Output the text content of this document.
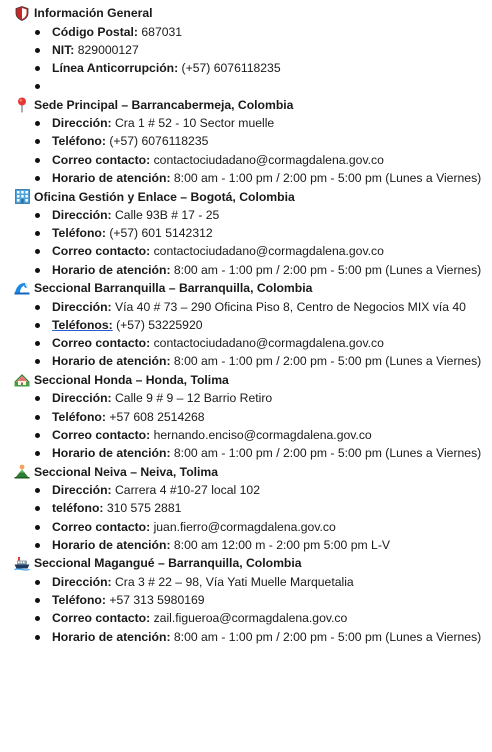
Información General
Código Postal: 687031
NIT: 829000127
Línea Anticorrupción: (+57) 6076118235
Sede Principal – Barrancabermeja, Colombia
Dirección: Cra 1 # 52 - 10 Sector muelle
Teléfono: (+57) 6076118235
Correo contacto: contactociudadano@cormagdalena.gov.co
Horario de atención: 8:00 am - 1:00 pm / 2:00 pm - 5:00 pm (Lunes a Viernes)
Oficina Gestión y Enlace – Bogotá, Colombia
Dirección: Calle 93B # 17 - 25
Teléfono: (+57) 601 5142312
Correo contacto: contactociudadano@cormagdalena.gov.co
Horario de atención: 8:00 am - 1:00 pm / 2:00 pm - 5:00 pm (Lunes a Viernes)
Seccional Barranquilla – Barranquilla, Colombia
Dirección: Vía 40 # 73 – 290 Oficina Piso 8, Centro de Negocios MIX vía 40
Teléfonos: (+57) 53225920
Correo contacto: contactociudadano@cormagdalena.gov.co
Horario de atención: 8:00 am - 1:00 pm / 2:00 pm - 5:00 pm (Lunes a Viernes)
Seccional Honda – Honda, Tolima
Dirección: Calle 9 # 9 – 12 Barrio Retiro
Teléfono: +57 608 2514268
Correo contacto: hernando.enciso@cormagdalena.gov.co
Horario de atención: 8:00 am - 1:00 pm / 2:00 pm - 5:00 pm (Lunes a Viernes)
Seccional Neiva – Neiva, Tolima
Dirección: Carrera 4 #10-27 local 102
teléfono: 310 575 2881
Correo contacto: juan.fierro@cormagdalena.gov.co
Horario de atención: 8:00 am 12:00 m - 2:00 pm 5:00 pm L-V
Seccional Magangué – Barranquilla, Colombia
Dirección: Cra 3 # 22 – 98, Vía Yati Muelle Marquetalia
Teléfono: +57 313 5980169
Correo contacto: zail.figueroa@cormagdalena.gov.co
Horario de atención: 8:00 am - 1:00 pm / 2:00 pm - 5:00 pm (Lunes a Viernes)
